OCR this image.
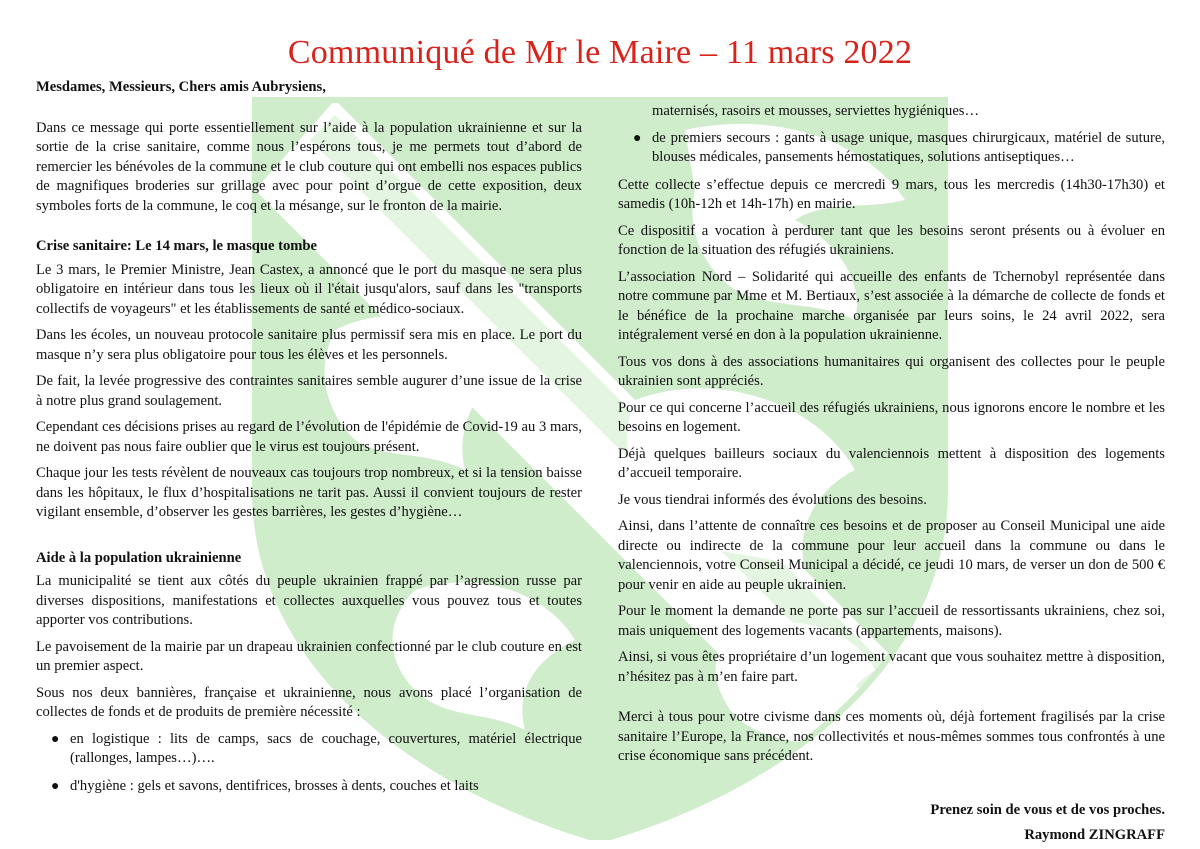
Communiqué de Mr le Maire – 11 mars 2022

Mesdames, Messieurs, Chers amis Aubrysiens,

Dans ce message qui porte essentiellement sur l’aide à la population ukrainienne et sur la sortie de la crise sanitaire, comme nous l’espérons tous, je me permets tout d’abord de remercier les bénévoles de la commune et le club couture qui ont embelli nos espaces publics de magnifiques broderies sur grillage avec pour point d’orgue de cette exposition, deux symboles forts de la commune, le coq et la mésange, sur le fronton de la mairie.

Crise sanitaire: Le 14 mars, le masque tombe

Le 3 mars, le Premier Ministre, Jean Castex, a annoncé que le port du masque ne sera plus obligatoire en intérieur dans tous les lieux où il l'était jusqu'alors, sauf dans les "transports collectifs de voyageurs" et les établissements de santé et médico-sociaux.

Dans les écoles, un nouveau protocole sanitaire plus permissif sera mis en place. Le port du masque n’y sera plus obligatoire pour tous les élèves et les personnels.

De fait, la levée progressive des contraintes sanitaires semble augurer d’une issue de la crise à notre plus grand soulagement.

Cependant ces décisions prises au regard de l’évolution de l'épidémie de Covid-19 au 3 mars, ne doivent pas nous faire oublier que le virus est toujours présent.

Chaque jour les tests révèlent de nouveaux cas toujours trop nombreux, et si la tension baisse dans les hôpitaux, le flux d’hospitalisations ne tarit pas. Aussi il convient toujours de rester vigilant ensemble, d’observer les gestes barrières, les gestes d’hygiène…

Aide à la population ukrainienne

La municipalité se tient aux côtés du peuple ukrainien frappé par l’agression russe par diverses dispositions, manifestations et collectes auxquelles vous pouvez tous et toutes apporter vos contributions.

Le pavoisement de la mairie par un drapeau ukrainien confectionné par le club couture en est un premier aspect.

Sous nos deux bannières, française et ukrainienne, nous avons placé l’organisation de collectes de fonds et de produits de première nécessité :

● en logistique : lits de camps, sacs de couchage, couvertures, matériel électrique (rallonges, lampes…)….
● d'hygiène : gels et savons, dentifrices, brosses à dents, couches et laits

maternisés, rasoirs et mousses, serviettes hygiéniques…

● de premiers secours : gants à usage unique, masques chirurgicaux, matériel de suture, blouses médicales, pansements hémostatiques, solutions antiseptiques…

Cette collecte s’effectue depuis ce mercredi 9 mars, tous les mercredis (14h30-17h30) et samedis (10h-12h et 14h-17h) en mairie.

Ce dispositif a vocation à perdurer tant que les besoins seront présents ou à évoluer en fonction de la situation des réfugiés ukrainiens.

L’association Nord – Solidarité qui accueille des enfants de Tchernobyl représentée dans notre commune par Mme et M. Bertiaux, s’est associée à la démarche de collecte de fonds et le bénéfice de la prochaine marche organisée par leurs soins, le 24 avril 2022, sera intégralement versé en don à la population ukrainienne.

Tous vos dons à des associations humanitaires qui organisent des collectes pour le peuple ukrainien sont appréciés.

Pour ce qui concerne l’accueil des réfugiés ukrainiens, nous ignorons encore le nombre et les besoins en logement.

Déjà quelques bailleurs sociaux du valenciennois mettent à disposition des logements d’accueil temporaire.

Je vous tiendrai informés des évolutions des besoins.

Ainsi, dans l’attente de connaître ces besoins et de proposer au Conseil Municipal une aide directe ou indirecte de la commune pour leur accueil dans la commune ou dans le valenciennois, votre Conseil Municipal a décidé, ce jeudi 10 mars, de verser un don de 500 € pour venir en aide au peuple ukrainien.

Pour le moment la demande ne porte pas sur l’accueil de ressortissants ukrainiens, chez soi, mais uniquement des logements vacants (appartements, maisons).

Ainsi, si vous êtes propriétaire d’un logement vacant que vous souhaitez mettre à disposition, n’hésitez pas à m’en faire part.

Merci à tous pour votre civisme dans ces moments où, déjà fortement fragilisés par la crise sanitaire l’Europe, la France, nos collectivités et nous-mêmes sommes tous confrontés à une crise économique sans précédent.

Prenez soin de vous et de vos proches.

Raymond ZINGRAFF
